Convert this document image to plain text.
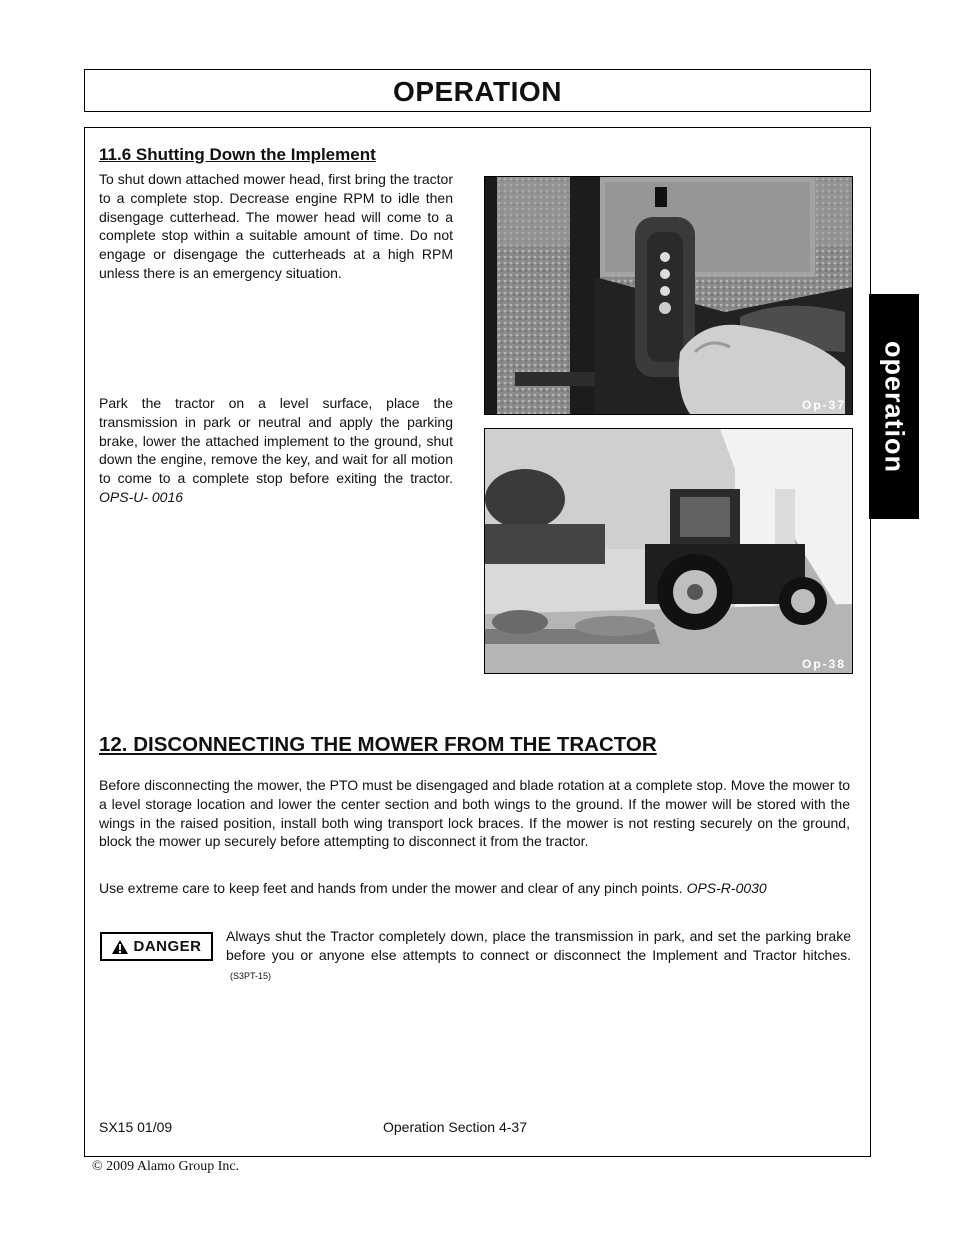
OPERATION
operation
11.6 Shutting Down the Implement
To shut down attached mower head, first bring the tractor to a complete stop. Decrease engine RPM to idle then disengage cutterhead. The mower head will come to a complete stop within a suitable amount of time. Do not engage or disengage the cutterheads at a high RPM unless there is an emergency situation.
Park the tractor on a level surface, place the transmission in park or neutral and apply the parking brake, lower the attached implement to the ground, shut down the engine, remove the key, and wait for all motion to come to a complete stop before exiting the tractor. OPS-U- 0016
Op-37
Op-38
12. DISCONNECTING THE MOWER FROM THE TRACTOR
Before disconnecting the mower, the PTO must be disengaged and blade rotation at a complete stop. Move the mower to a level storage location and lower the center section and both wings to the ground. If the mower will be stored with the wings in the raised position, install both wing transport lock braces. If the mower is not resting securely on the ground, block the mower up securely before attempting to disconnect it from the tractor.
Use extreme care to keep feet and hands from under the mower and clear of any pinch points. OPS-R-0030
DANGER
Always shut the Tractor completely down, place the transmission in park, and set the parking brake before you or anyone else attempts to connect or disconnect the Implement and Tractor hitches.(S3PT-15)
SX15 01/09	Operation Section 4-37
© 2009 Alamo Group Inc.
